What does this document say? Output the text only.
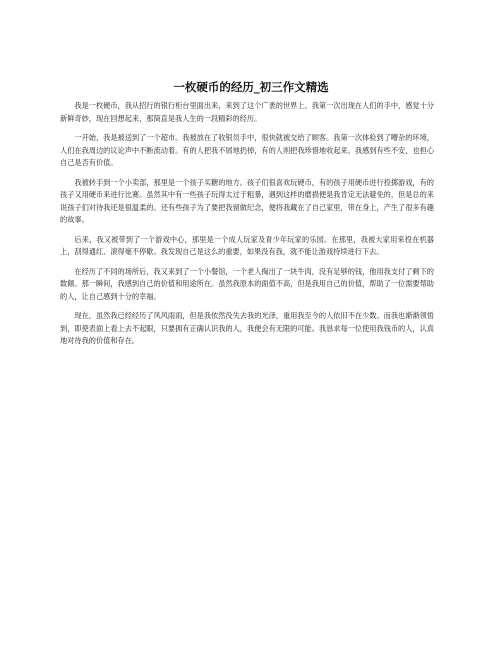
一枚硬币的经历_初三作文精选

我是一枚硬币，我从招行的银行柜台里面出来，来到了这个广袤的世界上。我第一次出现在人们的手中，感觉十分新鲜奇妙，现在回想起来，那简直是我人生的一段精彩的经历。

一开始，我是被送到了一个超市。我被放在了收银员手中，很快就被交给了顾客。我第一次体验到了嘈杂的环境，人们在我周边的议论声中不断流动着。有的人把我不屑地扔掉，有的人则把我珍惜地收起来。我感到有些不安，也担心自己是否有价值。

我被转手到一个小卖部，那里是一个孩子买糖的地方。孩子们很喜欢玩硬币，有的孩子用硬币进行投掷游戏，有的孩子又用硬币来进行比赛。虽然其中有一些孩子玩得太过于粗暴，遇到这样的磨损便是我肯定无法避免的，但是总的来说孩子们对待我还是很温柔的。还有些孩子为了要把我留做纪念，便将我藏在了自己家里，带在身上，产生了很多有趣的故事。

后来，我又被带到了一个游戏中心，那里是一个成人玩家及青少年玩家的乐园。在那里，我被大家用来投在机器上，刮得通红、滚得毫不停歇。我发现自己是这么的重要，如果没有我，就不能让游戏持续进行下去。

在经历了不同的场所后，我又来到了一个小餐馆，一个老人掏出了一块牛肉，没有足够的钱，他用我支付了剩下的数额。那一瞬间，我感到自己的价值和用途所在。虽然我原本的面值不高，但是我用自己的价值，帮助了一位需要帮助的人，让自己感到十分的幸福。

现在，虽然我已经经历了风风雨雨，但是我依然没失去我的光泽，重用我至今的人依旧不在少数。而我也渐渐领悟到，即使表面上看上去不起眼，只要拥有正确认识我的人，我便会有无限的可能。我恳求每一位使用我钱币的人，认真地对待我的价值和存在。
